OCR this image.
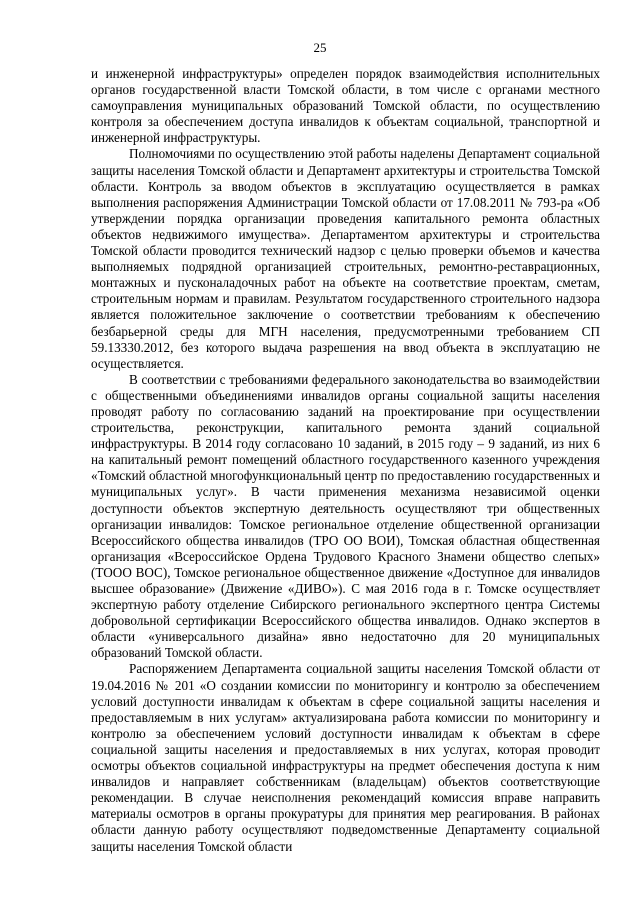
25

и инженерной инфраструктуры» определен порядок взаимодействия исполнительных органов государственной власти Томской области, в том числе с органами местного самоуправления муниципальных образований Томской области, по осуществлению контроля за обеспечением доступа инвалидов к объектам социальной, транспортной и инженерной инфраструктуры.

Полномочиями по осуществлению этой работы наделены Департамент социальной защиты населения Томской области и Департамент архитектуры и строительства Томской области. Контроль за вводом объектов в эксплуатацию осуществляется в рамках выполнения распоряжения Администрации Томской области от 17.08.2011 № 793-ра «Об утверждении порядка организации проведения капитального ремонта областных объектов недвижимого имущества». Департаментом архитектуры и строительства Томской области проводится технический надзор с целью проверки объемов и качества выполняемых подрядной организацией строительных, ремонтно-реставрационных, монтажных и пусконаладочных работ на объекте на соответствие проектам, сметам, строительным нормам и правилам. Результатом государственного строительного надзора является положительное заключение о соответствии требованиям к обеспечению безбарьерной среды для МГН населения, предусмотренными требованием СП 59.13330.2012, без которого выдача разрешения на ввод объекта в эксплуатацию не осуществляется.

В соответствии с требованиями федерального законодательства во взаимодействии с общественными объединениями инвалидов органы социальной защиты населения проводят работу по согласованию заданий на проектирование при осуществлении строительства, реконструкции, капитального ремонта зданий социальной инфраструктуры. В 2014 году согласовано 10 заданий, в 2015 году – 9 заданий, из них 6 на капитальный ремонт помещений областного государственного казенного учреждения «Томский областной многофункциональный центр по предоставлению государственных и муниципальных услуг». В части применения механизма независимой оценки доступности объектов экспертную деятельность осуществляют три общественных организации инвалидов: Томское региональное отделение общественной организации Всероссийского общества инвалидов (ТРО ОО ВОИ), Томская областная общественная организация «Всероссийское Ордена Трудового Красного Знамени общество слепых» (ТООО ВОС), Томское региональное общественное движение «Доступное для инвалидов высшее образование» (Движение «ДИВО»). С мая 2016 года в г. Томске осуществляет экспертную работу отделение Сибирского регионального экспертного центра Системы добровольной сертификации Всероссийского общества инвалидов. Однако экспертов в области «универсального дизайна» явно недостаточно для 20 муниципальных образований Томской области.

Распоряжением Департамента социальной защиты населения Томской области от 19.04.2016 № 201 «О создании комиссии по мониторингу и контролю за обеспечением условий доступности инвалидам к объектам в сфере социальной защиты населения и предоставляемым в них услугам» актуализирована работа комиссии по мониторингу и контролю за обеспечением условий доступности инвалидам к объектам в сфере социальной защиты населения и предоставляемых в них услугах, которая проводит осмотры объектов социальной инфраструктуры на предмет обеспечения доступа к ним инвалидов и направляет собственникам (владельцам) объектов соответствующие рекомендации. В случае неисполнения рекомендаций комиссия вправе направить материалы осмотров в органы прокуратуры для принятия мер реагирования. В районах области данную работу осуществляют подведомственные Департаменту социальной защиты населения Томской области
